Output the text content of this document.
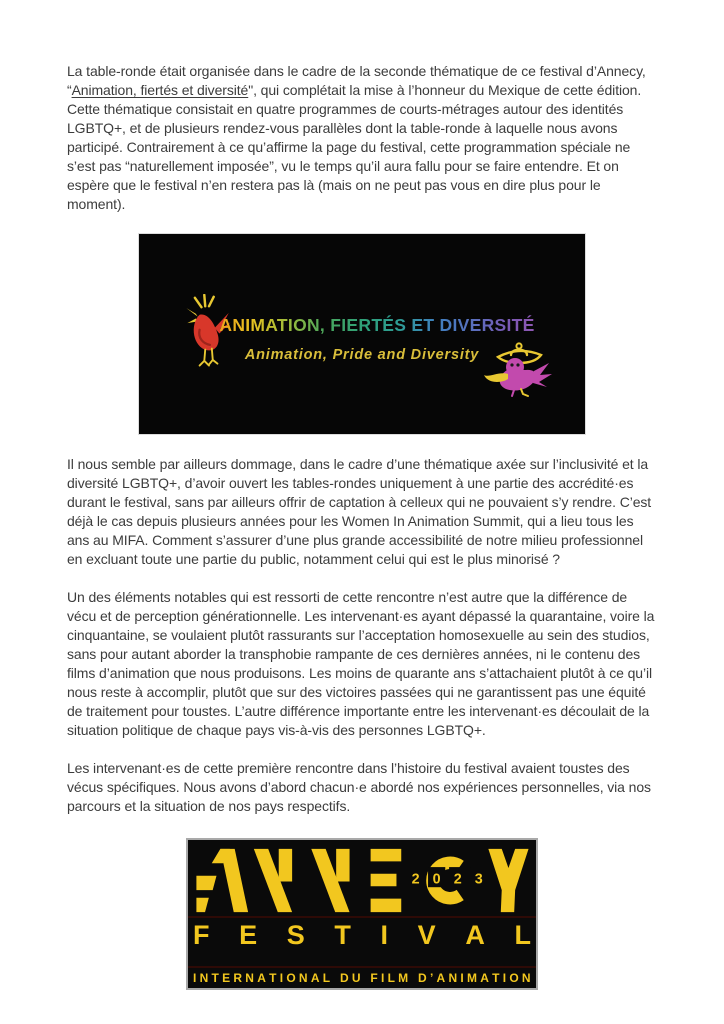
La table-ronde était organisée dans le cadre de la seconde thématique de ce festival d’Annecy, “Animation, fiertés et diversité", qui complétait la mise à l’honneur du Mexique de cette édition. Cette thématique consistait en quatre programmes de courts-métrages autour des identités LGBTQ+, et de plusieurs rendez-vous parallèles dont la table-ronde à laquelle nous avons participé. Contrairement à ce qu’affirme la page du festival, cette programmation spéciale ne s’est pas “naturellement imposée”, vu le temps qu’il aura fallu pour se faire entendre. Et on espère que le festival n’en restera pas là (mais on ne peut pas vous en dire plus pour le moment).

ANIMATION, FIERTÉS ET DIVERSITÉ
Animation, Pride and Diversity

Il nous semble par ailleurs dommage, dans le cadre d’une thématique axée sur l’inclusivité et la diversité LGBTQ+, d’avoir ouvert les tables-rondes uniquement à une partie des accrédité·es durant le festival, sans par ailleurs offrir de captation à celleux qui ne pouvaient s’y rendre. C’est déjà le cas depuis plusieurs années pour les Women In Animation Summit, qui a lieu tous les ans au MIFA. Comment s’assurer d’une plus grande accessibilité de notre milieu professionnel en excluant toute une partie du public, notamment celui qui est le plus minorisé ?

Un des éléments notables qui est ressorti de cette rencontre n’est autre que la différence de vécu et de perception générationnelle. Les intervenant·es ayant dépassé la quarantaine, voire la cinquantaine, se voulaient plutôt rassurants sur l’acceptation homosexuelle au sein des studios, sans pour autant aborder la transphobie rampante de ces dernières années, ni le contenu des films d’animation que nous produisons. Les moins de quarante ans s’attachaient plutôt à ce qu’il nous reste à accomplir, plutôt que sur des victoires passées qui ne garantissent pas une équité de traitement pour toustes. L’autre différence importante entre les intervenant·es découlait de la situation politique de chaque pays vis-à-vis des personnes LGBTQ+.

Les intervenant·es de cette première rencontre dans l’histoire du festival avaient toustes des vécus spécifiques. Nous avons d’abord chacun·e abordé nos expériences personnelles, via nos parcours et la situation de nos pays respectifs.

2 0 2 3
F E S T I V A L
I N T E R N A T I O N A L
D U
F I L M
D ’ A N I M A T I O N
